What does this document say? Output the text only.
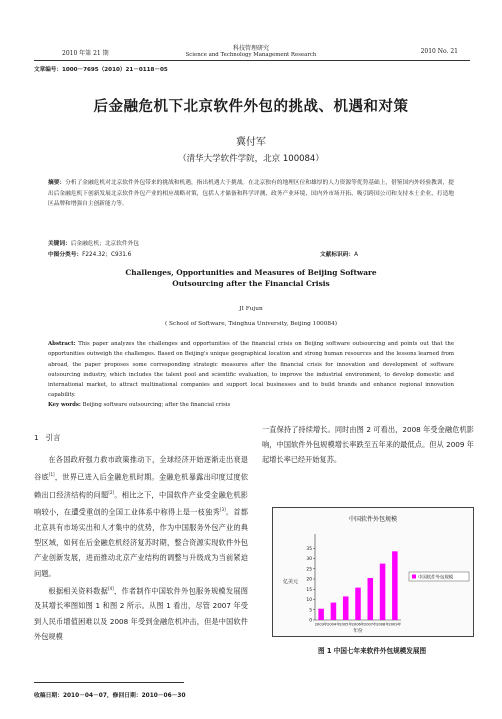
2010 年第 21 期
科技管理研究
Science and Technology Management Research	2010 No. 21
文章编号：1000－7695（2010）21－0118－05
后金融危机下北京软件外包的挑战、机遇和对策
冀付军
（清华大学软件学院，北京 100084）
摘要：分析了金融危机对北京软件外包带来的挑战和机遇，指出机遇大于挑战。在北京独有的地理区位和雄厚的人力资源等优势基础上，借鉴国内外经验教训，提出后金融危机下创新发展北京软件外包产业的相应战略对策，包括人才储备和科学评测、政务产业环境、国内外市场开拓、吸引跨国公司和支持本土企业、打造地区品牌和增强自主创新能力等。
关键词：后金融危机；北京软件外包
中图分类号：F224.32；C931.6	文献标识码：A
Challenges, Opportunities and Measures of Beijing Software
Outsourcing after the Financial Crisis
JI Fujun
( School of Software, Tsinghua University, Beijing 100084)
Abstract: This paper analyzes the challenges and opportunities of the financial crisis on Beijing software outsourcing and points out that the opportunities outweigh the challenges. Based on Beijing's unique geographical location and strong human resources and the lessons learned from abroad, the paper proposes some corresponding strategic measures after the financial crisis for innovation and development of software outsourcing industry, which includes the talent pool and scientific evaluation, to improve the industrial environment, to develop domestic and international market, to attract multinational companies and support local businesses and to build brands and enhance regional innovation capability.
Key words: Beijing software outsourcing; after the financial crisis
1 引言

在各国政府强力救市政策推动下，全球经济开始逐渐走出衰退谷底[1]，世界已进入后金融危机时期。金融危机暴露出印度过度依赖出口经济结构的问题[2]。相比之下，中国软件产业受金融危机影响较小，在遭受重创的全国工业体系中称得上是一枝独秀[3]。首都北京具有市场实出和人才集中的优势，作为中国服务外包产业的典型区域，如何在后金融危机经济复苏时期，整合资源实现软件外包产业创新发展，进而推动北京产业结构的调整与升级成为当前紧迫问题。

根据相关资料数据[4]，作者制作中国软件外包服务规模发展图及其增长率图如图 1 和图 2 所示。从图 1 看出，尽管 2007 年受到人民币增值困难以及 2008 年受到金融危机冲击，但是中国软件外包规模

一直保持了持续增长。同时由图 2 可看出，2008 年受金融危机影响，中国软件外包规模增长率跌至五年来的最低点。但从 2009 年起增长率已经开始复苏。
中国软件外包规模
0
5
10
15
20
25
30
35
亿美元
2003年 2004年 2005年 2006年 2007年 2008年 2009年
年份
中国软件外包规模
图 1 中国七年来软件外包规模发展图
收稿日期：2010－04－07，修回日期：2010－06－30
